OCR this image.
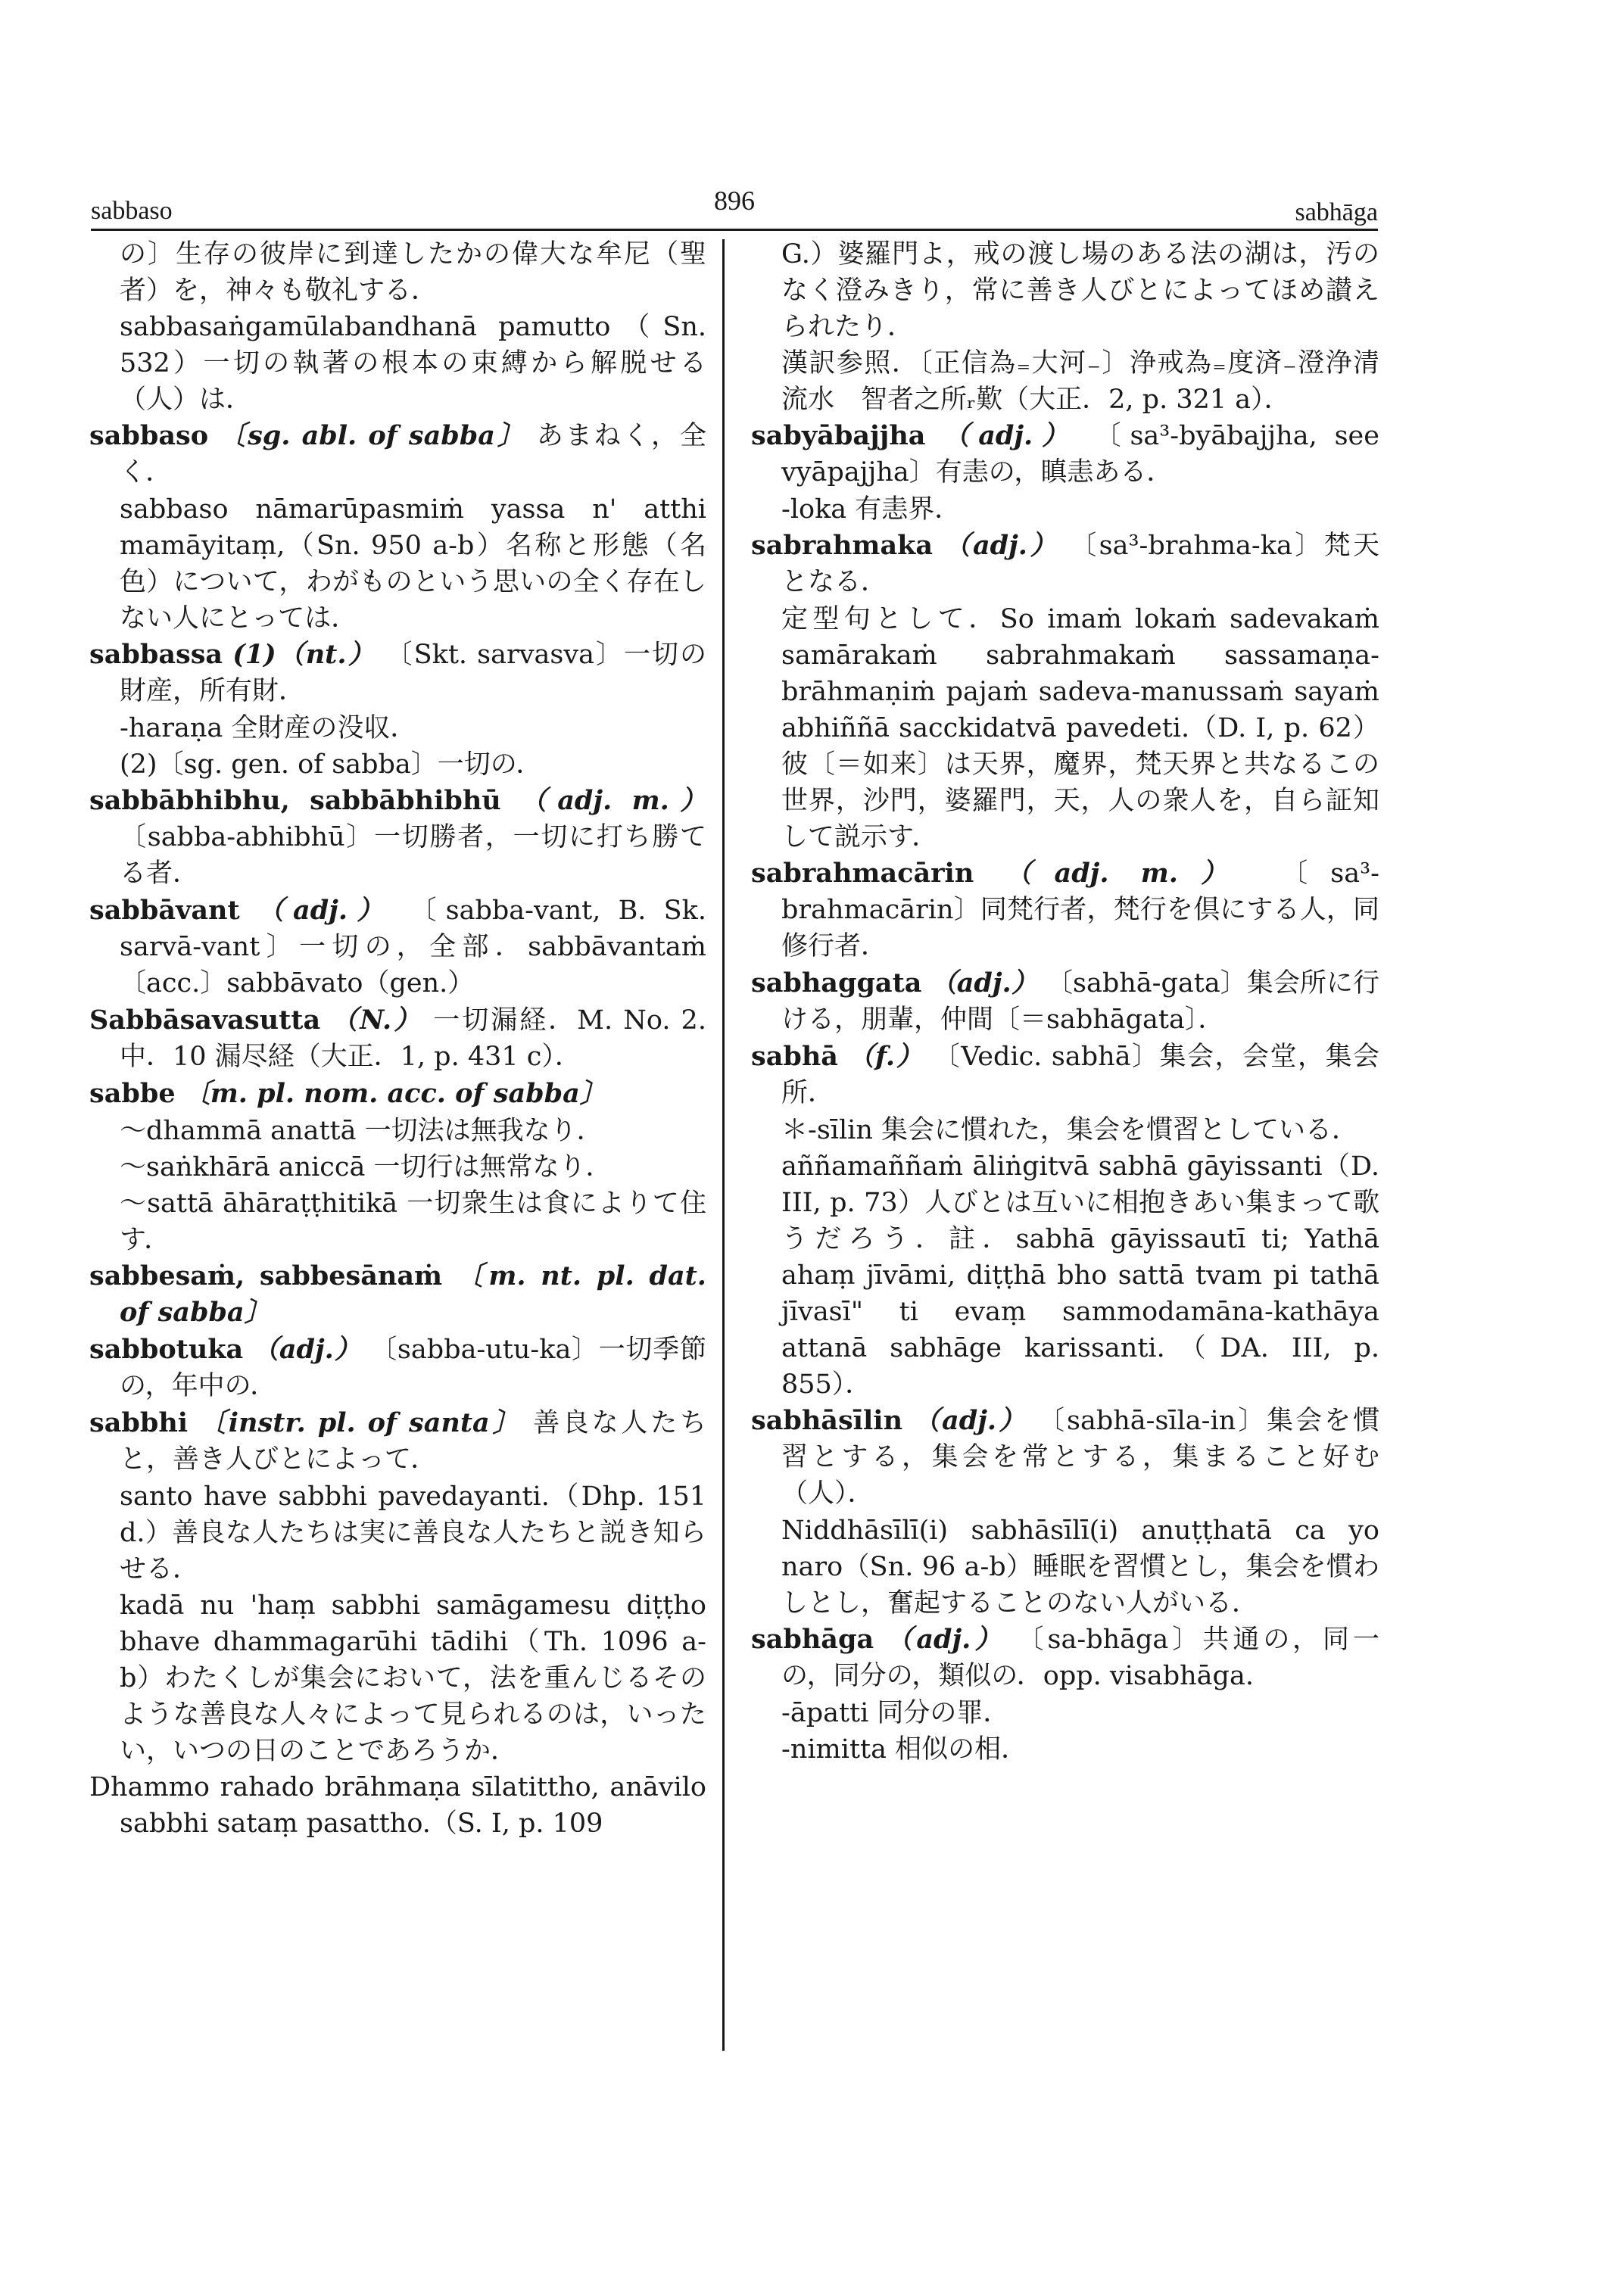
sabbaso	896	sabhāga

の〕生存の彼岸に到達したかの偉大な牟尼（聖者）を，神々も敬礼する．

sabbasaṅgamūlabandhanā pamutto（Sn. 532）一切の執著の根本の束縛から解脱せる（人）は．

sabbaso 〔sg. abl. of sabba〕 あまねく，全く．

sabbaso nāmarūpasmiṁ yassa n' atthi mamāyitaṃ,（Sn. 950 a-b）名称と形態（名色）について，わがものという思いの全く存在しない人にとっては．

sabbassa (1)（nt.） 〔Skt. sarvasva〕一切の財産，所有財．

-haraṇa 全財産の没収．

(2)〔sg. gen. of sabba〕一切の．

sabbābhibhu, sabbābhibhū （adj. m.） 〔sabba-abhibhū〕一切勝者，一切に打ち勝てる者．

sabbāvant （adj.） 〔sabba-vant, B. Sk. sarvā-vant〕一切の，全部．sabbāvantaṁ〔acc.〕sabbāvato（gen.）

Sabbāsavasutta （N.） 一切漏経．M. No. 2. 中．10 漏尽経（大正．1, p. 431 c）．

sabbe 〔m. pl. nom. acc. of sabba〕

～dhammā anattā 一切法は無我なり．

～saṅkhārā aniccā 一切行は無常なり．

～sattā āhāraṭṭhitikā 一切衆生は食によりて住す．

sabbesaṁ, sabbesānaṁ 〔m. nt. pl. dat. of sabba〕

sabbotuka （adj.） 〔sabba-utu-ka〕一切季節の，年中の．

sabbhi 〔instr. pl. of santa〕 善良な人たちと，善き人びとによって．

santo have sabbhi pavedayanti.（Dhp. 151 d.）善良な人たちは実に善良な人たちと説き知らせる．

kadā nu 'haṃ sabbhi samāgamesu diṭṭho bhave dhammagarūhi tādihi（Th. 1096 a-b）わたくしが集会において，法を重んじるそのような善良な人々によって見られるのは，いったい，いつの日のことであろうか．

Dhammo rahado brāhmaṇa sīlatittho, anāvilo sabbhi sataṃ pasattho.（S. I, p. 109

G.）婆羅門よ，戒の渡し場のある法の湖は，汚のなく澄みきり，常に善き人びとによってほめ讃えられたり．

漢訳参照．〔正信為₌大河₋〕浄戒為₌度済₋澄浄清流水　智者之所ᵣ歎（大正．2, p. 321 a）．

sabyābajjha （adj.） 〔sa³-byābajjha, see vyāpajjha〕有恚の，瞋恚ある．

-loka 有恚界．

sabrahmaka （adj.） 〔sa³-brahma-ka〕梵天となる．

定型句として．So imaṁ lokaṁ sadevakaṁ samārakaṁ sabrahmakaṁ sassamaṇa-brāhmaṇiṁ pajaṁ sadeva-manussaṁ sayaṁ abhiññā sacckidatvā pavedeti.（D. I, p. 62）彼〔＝如来〕は天界，魔界，梵天界と共なるこの世界，沙門，婆羅門，天，人の衆人を，自ら証知して説示す．

sabrahmacārin （adj. m.） 〔sa³-brahmacārin〕同梵行者，梵行を倶にする人，同修行者．

sabhaggata （adj.） 〔sabhā-gata〕集会所に行ける，朋輩，仲間〔＝sabhāgata〕．

sabhā （f.） 〔Vedic. sabhā〕集会，会堂，集会所．

＊-sīlin 集会に慣れた，集会を慣習としている．

aññamaññaṁ āliṅgitvā sabhā gāyissanti（D. III, p. 73）人びとは互いに相抱きあい集まって歌うだろう．註．sabhā gāyissautī ti; Yathā ahaṃ jīvāmi, diṭṭhā bho sattā tvam pi tathā jīvasī" ti evaṃ sammodamāna-kathāya attanā sabhāge karissanti.（DA. III, p. 855）．

sabhāsīlin （adj.） 〔sabhā-sīla-in〕集会を慣習とする，集会を常とする，集まること好む（人）．

Niddhāsīlī(i) sabhāsīlī(i) anuṭṭhatā ca yo naro（Sn. 96 a-b）睡眠を習慣とし，集会を慣わしとし，奮起することのない人がいる．

sabhāga （adj.） 〔sa-bhāga〕共通の，同一の，同分の，類似の．opp. visabhāga.

-āpatti 同分の罪．

-nimitta 相似の相．
